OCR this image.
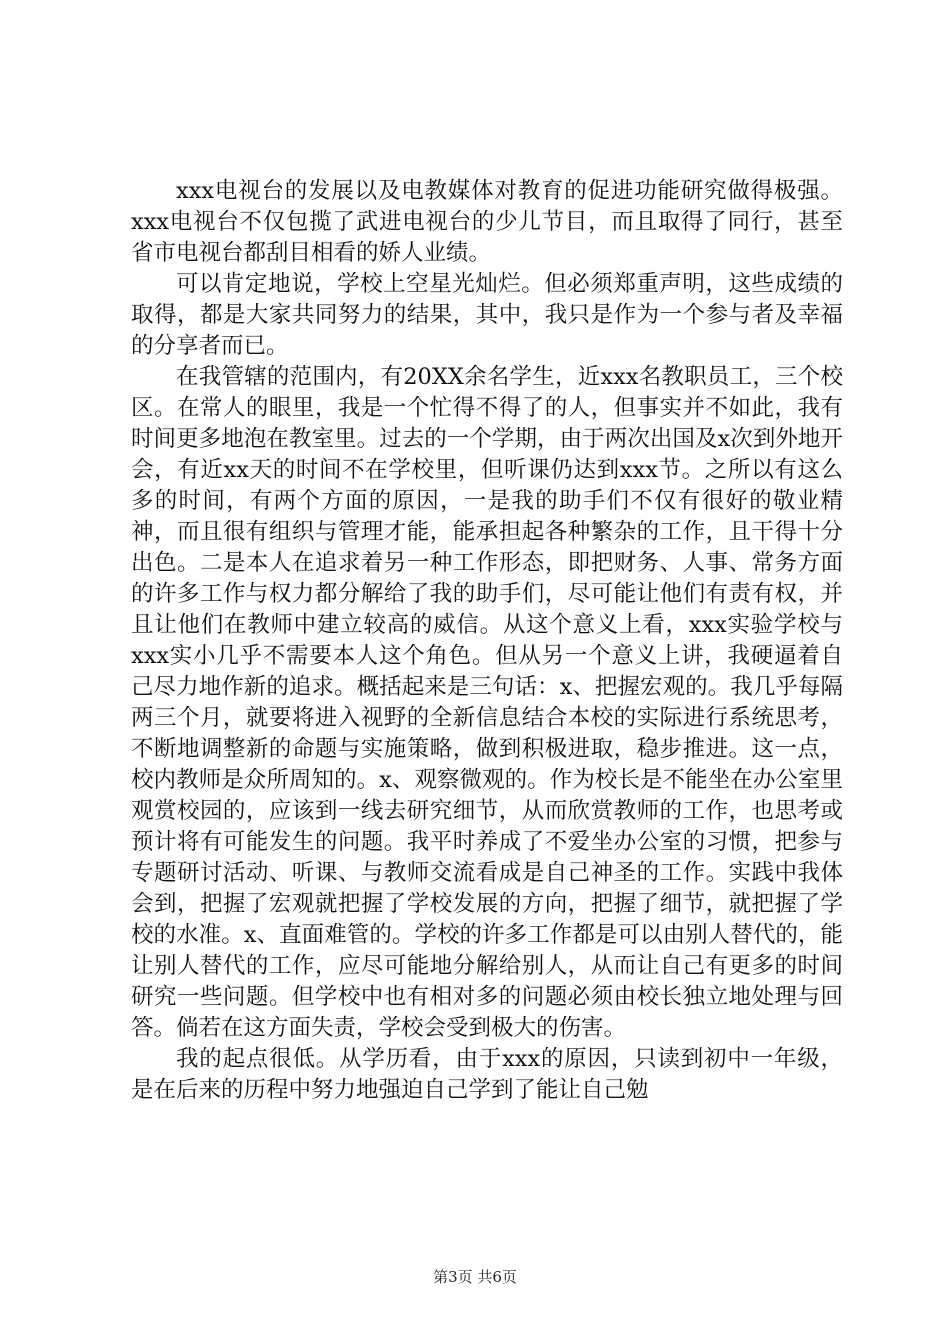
xxx电视台的发展以及电教媒体对教育的促进功能研究做得极强。xxx电视台不仅包揽了武进电视台的少儿节目，而且取得了同行，甚至省市电视台都刮目相看的娇人业绩。

可以肯定地说，学校上空星光灿烂。但必须郑重声明，这些成绩的取得，都是大家共同努力的结果，其中，我只是作为一个参与者及幸福的分享者而已。

在我管辖的范围内，有20XX余名学生，近xxx名教职员工，三个校区。在常人的眼里，我是一个忙得不得了的人，但事实并不如此，我有时间更多地泡在教室里。过去的一个学期，由于两次出国及x次到外地开会，有近xx天的时间不在学校里，但听课仍达到xxx节。之所以有这么多的时间，有两个方面的原因，一是我的助手们不仅有很好的敬业精神，而且很有组织与管理才能，能承担起各种繁杂的工作，且干得十分出色。二是本人在追求着另一种工作形态，即把财务、人事、常务方面的许多工作与权力都分解给了我的助手们，尽可能让他们有责有权，并且让他们在教师中建立较高的威信。从这个意义上看，xxx实验学校与xxx实小几乎不需要本人这个角色。但从另一个意义上讲，我硬逼着自己尽力地作新的追求。概括起来是三句话：x、把握宏观的。我几乎每隔两三个月，就要将进入视野的全新信息结合本校的实际进行系统思考，不断地调整新的命题与实施策略，做到积极进取，稳步推进。这一点，校内教师是众所周知的。x、观察微观的。作为校长是不能坐在办公室里观赏校园的，应该到一线去研究细节，从而欣赏教师的工作，也思考或预计将有可能发生的问题。我平时养成了不爱坐办公室的习惯，把参与专题研讨活动、听课、与教师交流看成是自己神圣的工作。实践中我体会到，把握了宏观就把握了学校发展的方向，把握了细节，就把握了学校的水准。x、直面难管的。学校的许多工作都是可以由别人替代的，能让别人替代的工作，应尽可能地分解给别人，从而让自己有更多的时间研究一些问题。但学校中也有相对多的问题必须由校长独立地处理与回答。倘若在这方面失责，学校会受到极大的伤害。

我的起点很低。从学历看，由于xxx的原因，只读到初中一年级，是在后来的历程中努力地强迫自己学到了能让自己勉

第3页 共6页
